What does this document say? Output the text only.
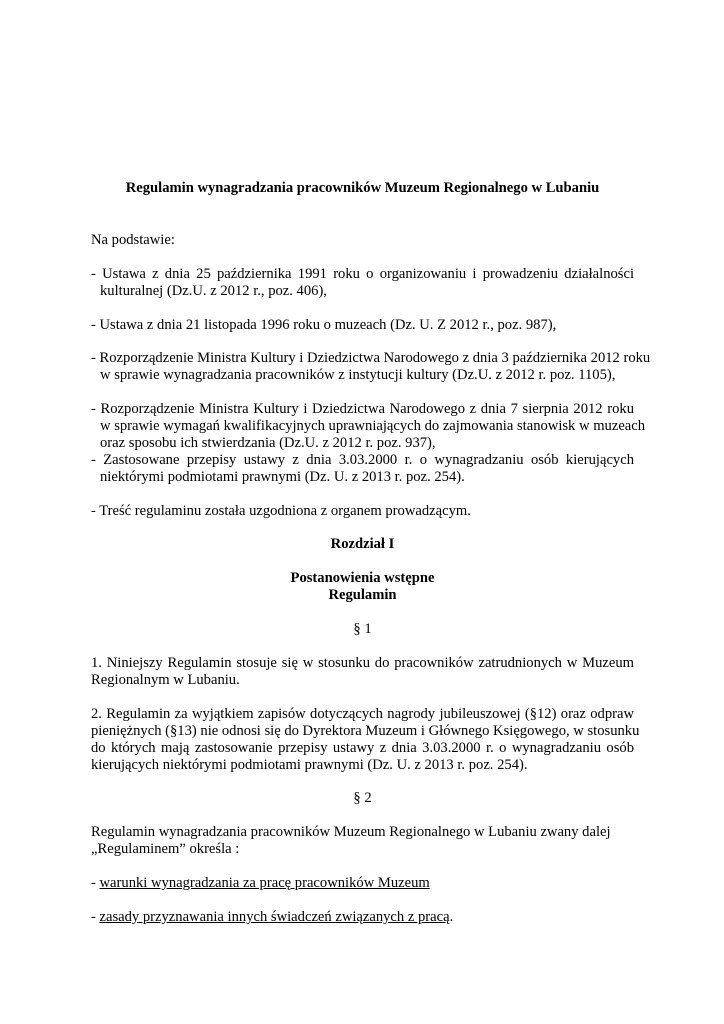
Regulamin wynagradzania pracowników Muzeum Regionalnego w Lubaniu
Na podstawie:
- Ustawa z dnia 25 października 1991 roku o organizowaniu i prowadzeniu działalności
kulturalnej (Dz.U. z 2012 r., poz. 406),
- Ustawa z dnia 21 listopada 1996 roku o muzeach (Dz. U. Z 2012 r., poz. 987),
- Rozporządzenie Ministra Kultury i Dziedzictwa Narodowego z dnia 3 października 2012 roku
w sprawie wynagradzania pracowników z instytucji kultury (Dz.U. z 2012 r. poz. 1105),
- Rozporządzenie Ministra Kultury i Dziedzictwa Narodowego z dnia 7 sierpnia 2012 roku
w sprawie wymagań kwalifikacyjnych uprawniających do zajmowania stanowisk w muzeach
oraz sposobu ich stwierdzania (Dz.U. z 2012 r. poz. 937),
- Zastosowane przepisy ustawy z dnia 3.03.2000 r. o wynagradzaniu osób kierujących
niektórymi podmiotami prawnymi (Dz. U. z 2013 r. poz. 254).
- Treść regulaminu została uzgodniona z organem prowadzącym.
Rozdział I
Postanowienia wstępne
Regulamin
§ 1
1. Niniejszy Regulamin stosuje się w stosunku do pracowników zatrudnionych w Muzeum
Regionalnym w Lubaniu.
2. Regulamin za wyjątkiem zapisów dotyczących nagrody jubileuszowej (§12) oraz odpraw
pieniężnych (§13) nie odnosi się do Dyrektora Muzeum i Głównego Księgowego, w stosunku
do których mają zastosowanie przepisy ustawy z dnia 3.03.2000 r. o wynagradzaniu osób
kierujących niektórymi podmiotami prawnymi (Dz. U. z 2013 r. poz. 254).
§ 2
Regulamin wynagradzania pracowników Muzeum Regionalnego w Lubaniu zwany dalej
„Regulaminem” określa :
- warunki wynagradzania za pracę pracowników Muzeum
- zasady przyznawania innych świadczeń związanych z pracą.
